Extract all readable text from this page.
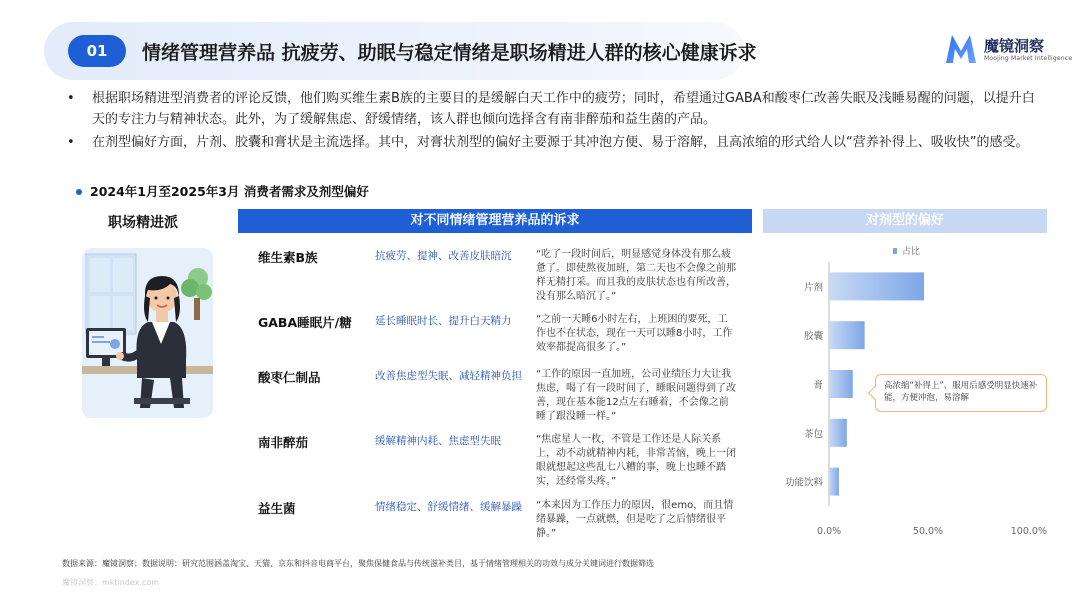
01	情绪管理营养品 抗疲劳、助眠与稳定情绪是职场精进人群的核心健康诉求	魔镜洞察
Moojing Market Intelligence
• 根据职场精进型消费者的评论反馈，他们购买维生素B族的主要目的是缓解白天工作中的疲劳；同时，希望通过GABA和酸枣仁改善失眠及浅睡易醒的问题，以提升白天的专注力与精神状态。此外，为了缓解焦虑、舒缓情绪，该人群也倾向选择含有南非醉茄和益生菌的产品。
• 在剂型偏好方面，片剂、胶囊和膏状是主流选择。其中，对膏状剂型的偏好主要源于其冲泡方便、易于溶解，且高浓缩的形式给人以“营养补得上、吸收快”的感受。
2024年1月至2025年3月 消费者需求及剂型偏好
职场精进派	对不同情绪管理营养品的诉求
维生素B族	抗疲劳、提神、改善皮肤暗沉 “吃了一段时间后，明显感觉身体没有那么疲惫了。即使熬夜加班，第二天也不会像之前那样无精打采。而且我的皮肤状态也有所改善，没有那么暗沉了。”
GABA睡眠片/糖 延长睡眠时长、提升白天精力 “之前一天睡6小时左右，上班困的要死，工作也不在状态，现在一天可以睡8小时，工作效率都提高很多了。”
酸枣仁制品	改善焦虑型失眠、减轻精神负担 “工作的原因一直加班，公司业绩压力大让我焦虑，喝了有一段时间了，睡眠问题得到了改善，现在基本能12点左右睡着，不会像之前睡了跟没睡一样。”
南非醉茄	缓解精神内耗、焦虑型失眠	“焦虑星人一枚，不管是工作还是人际关系上，动不动就精神内耗，非常苦恼，晚上一闭眼就想起这些乱七八糟的事，晚上也睡不踏实，还经常头疼。”
益生菌	情绪稳定、舒缓情绪、缓解暴躁 “本来因为工作压力的原因，很emo，而且情绪暴躁，一点就燃，但是吃了之后情绪很平静。”
对剂型的偏好
占比
片剂
胶囊
膏
茶包
功能饮料
0.0%	50.0%	100.0%
高浓缩“补得上”、服用后感受明显快速补能，方便冲泡，易溶解
数据来源：魔镜洞察；数据说明：研究范围涵盖淘宝、天猫、京东和抖音电商平台，聚焦保健食品与传统滋补类目，基于情绪管理相关的功效与成分关键词进行数据筛选
魔镜洞察：mktindex.com
